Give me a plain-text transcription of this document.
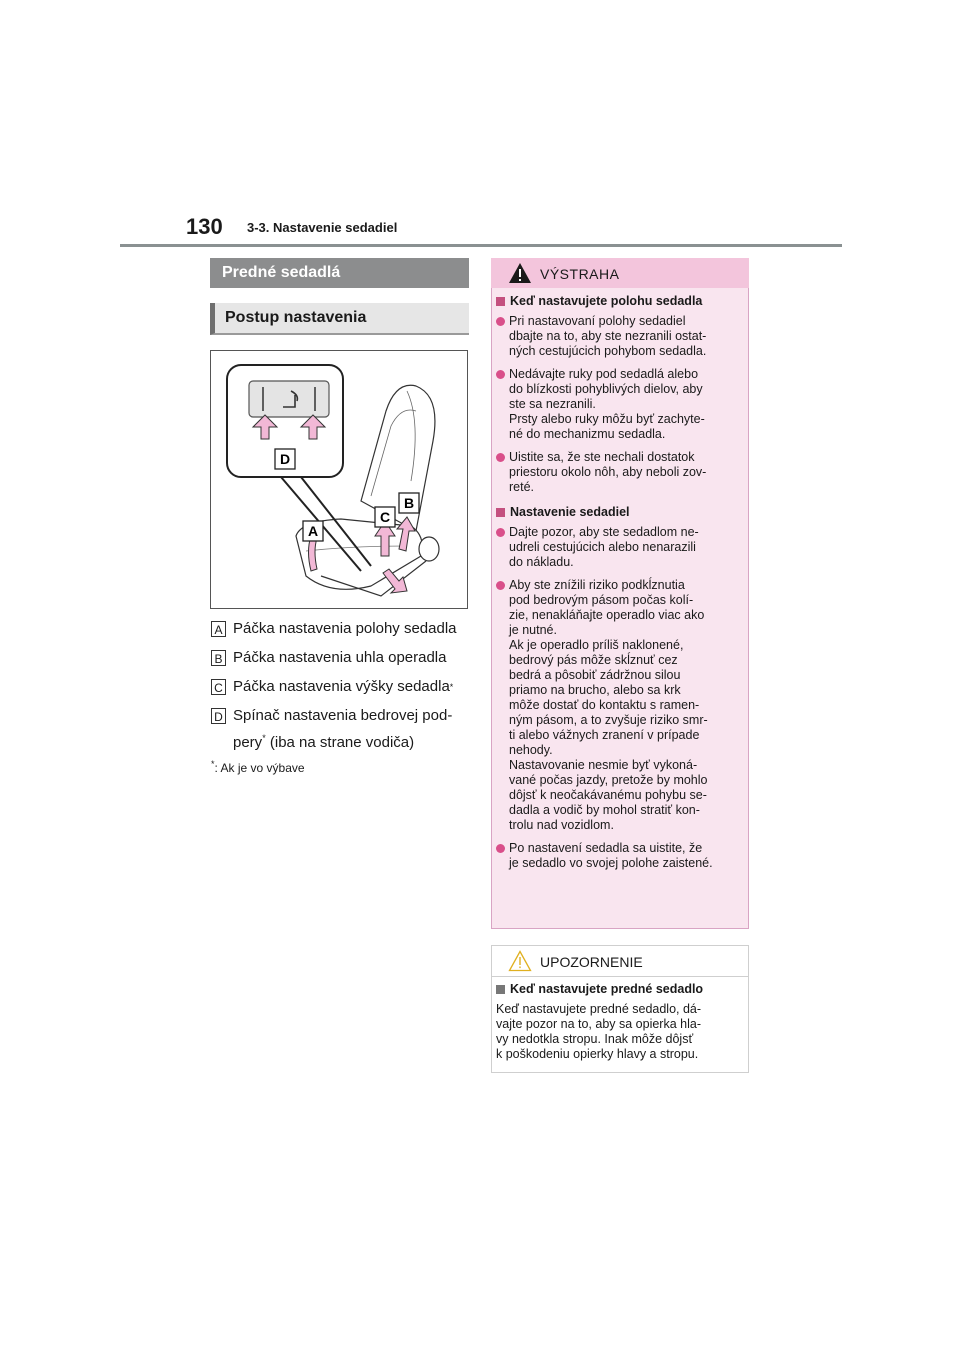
130 3-3. Nastavenie sedadiel
Predné sedadlá
Postup nastavenia
D
A
C
B
A Páčka nastavenia polohy sedadla
B Páčka nastavenia uhla operadla
C Páčka nastavenia výšky sedadla *
D Spínač nastavenia bedrovej pod-
pery* (iba na strane vodiča)
*: Ak je vo výbave
VÝSTRAHA
Keď nastavujete polohu sedadla
Pri nastavovaní polohy sedadiel
dbajte na to, aby ste nezranili ostat-
ných cestujúcich pohybom sedadla.
Nedávajte ruky pod sedadlá alebo
do blízkosti pohyblivých dielov, aby
ste sa nezranili.
Prsty alebo ruky môžu byť zachyte-
né do mechanizmu sedadla.
Uistite sa, že ste nechali dostatok
priestoru okolo nôh, aby neboli zov-
reté.
Nastavenie sedadiel
Dajte pozor, aby ste sedadlom ne-
udreli cestujúcich alebo nenarazili
do nákladu.
Aby ste znížili riziko podkĺznutia
pod bedrovým pásom počas kolí-
zie, nenakláňajte operadlo viac ako
je nutné.
Ak je operadlo príliš naklonené,
bedrový pás môže skĺznuť cez
bedrá a pôsobiť zádržnou silou
priamo na brucho, alebo sa krk
môže dostať do kontaktu s ramen-
ným pásom, a to zvyšuje riziko smr-
ti alebo vážnych zranení v prípade
nehody.
Nastavovanie nesmie byť vykoná-
vané počas jazdy, pretože by mohlo
dôjsť k neočakávanému pohybu se-
dadla a vodič by mohol stratiť kon-
trolu nad vozidlom.
Po nastavení sedadla sa uistite, že
je sedadlo vo svojej polohe zaistené.
UPOZORNENIE
Keď nastavujete predné sedadlo
Keď nastavujete predné sedadlo, dá-
vajte pozor na to, aby sa opierka hla-
vy nedotkla stropu. Inak môže dôjsť
k poškodeniu opierky hlavy a stropu.
